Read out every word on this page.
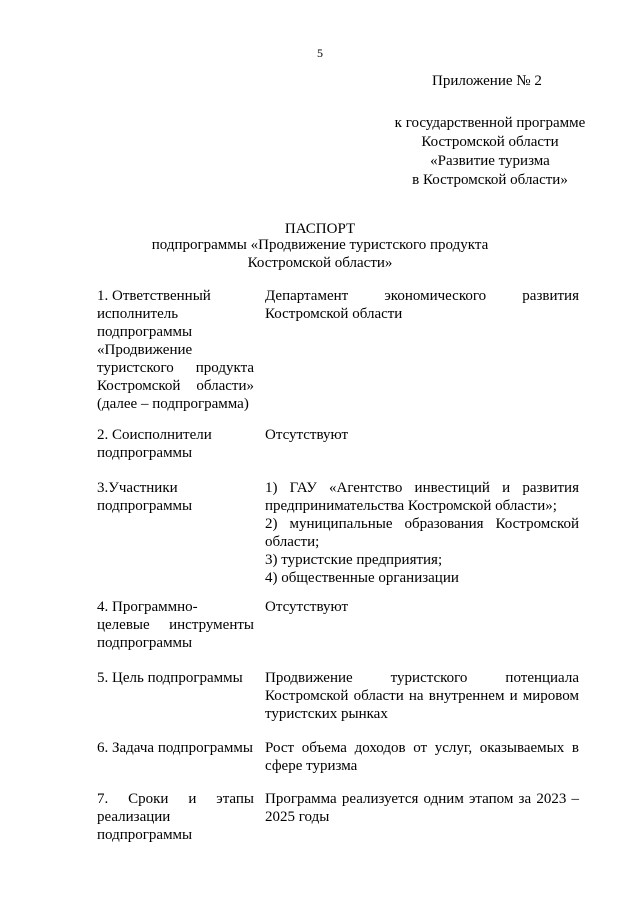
5
Приложение № 2
к государственной программе
Костромской области
«Развитие туризма
в Костромской области»
ПАСПОРТ
подпрограммы «Продвижение туристского продукта
Костромской области»
1. Ответственный
исполнитель
подпрограммы
«Продвижение
туристского продукта
Костромской области»
(далее – подпрограмма)
Департамент экономического развития
Костромской области
2. Соисполнители
подпрограммы
Отсутствуют
3.Участники
подпрограммы
1) ГАУ «Агентство инвестиций и развития
предпринимательства Костромской области»;
2) муниципальные образования Костромской
области;
3) туристские предприятия;
4) общественные организации
4. Программно-
целевые инструменты
подпрограммы
Отсутствуют
5. Цель подпрограммы	Продвижение туристского потенциала
Костромской области на внутреннем и мировом
туристских рынках
6. Задача подпрограммы Рост объема доходов от услуг, оказываемых в
сфере туризма
7. Сроки и этапы
реализации
подпрограммы
Программа реализуется одним этапом за 2023 –
2025 годы
